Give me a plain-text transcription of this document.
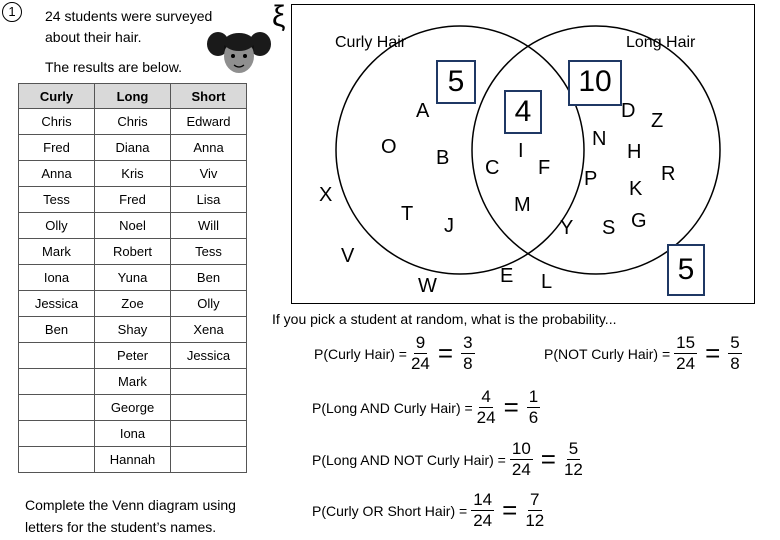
1	24 students were surveyed
about their hair.
The results are below.
Curly	Long	Short
Chris	Chris	Edward
Fred	Diana	Anna
Anna	Kris	Viv
Tess	Fred	Lisa
Olly	Noel	Will
Mark	Robert	Tess
Iona	Yuna	Ben
Jessica	Zoe	Olly
Ben	Shay	Xena
	Peter	Jessica
	Mark	
	George	
	Iona	
	Hannah	
Complete the Venn diagram using
letters for the student’s names.
ξ
Curly Hair	Long Hair
5
4
10
5
A
O B
T
J
I
C F
M
D Z
N
H
R
P K
Y S G
X
V
W	E L
If you pick a student at random, what is the probability...
P(Curly Hair) = $\frac{9}{24} = \frac{3}{8}$	P(NOT Curly Hair) = $\frac{15}{24} = \frac{5}{8}$
P(Long AND Curly Hair) = $\frac{4}{24} = \frac{1}{6}$
P(Long AND NOT Curly Hair) = $\frac{10}{24} = \frac{5}{12}$
P(Curly OR Short Hair) = $\frac{14}{24} = \frac{7}{12}$
